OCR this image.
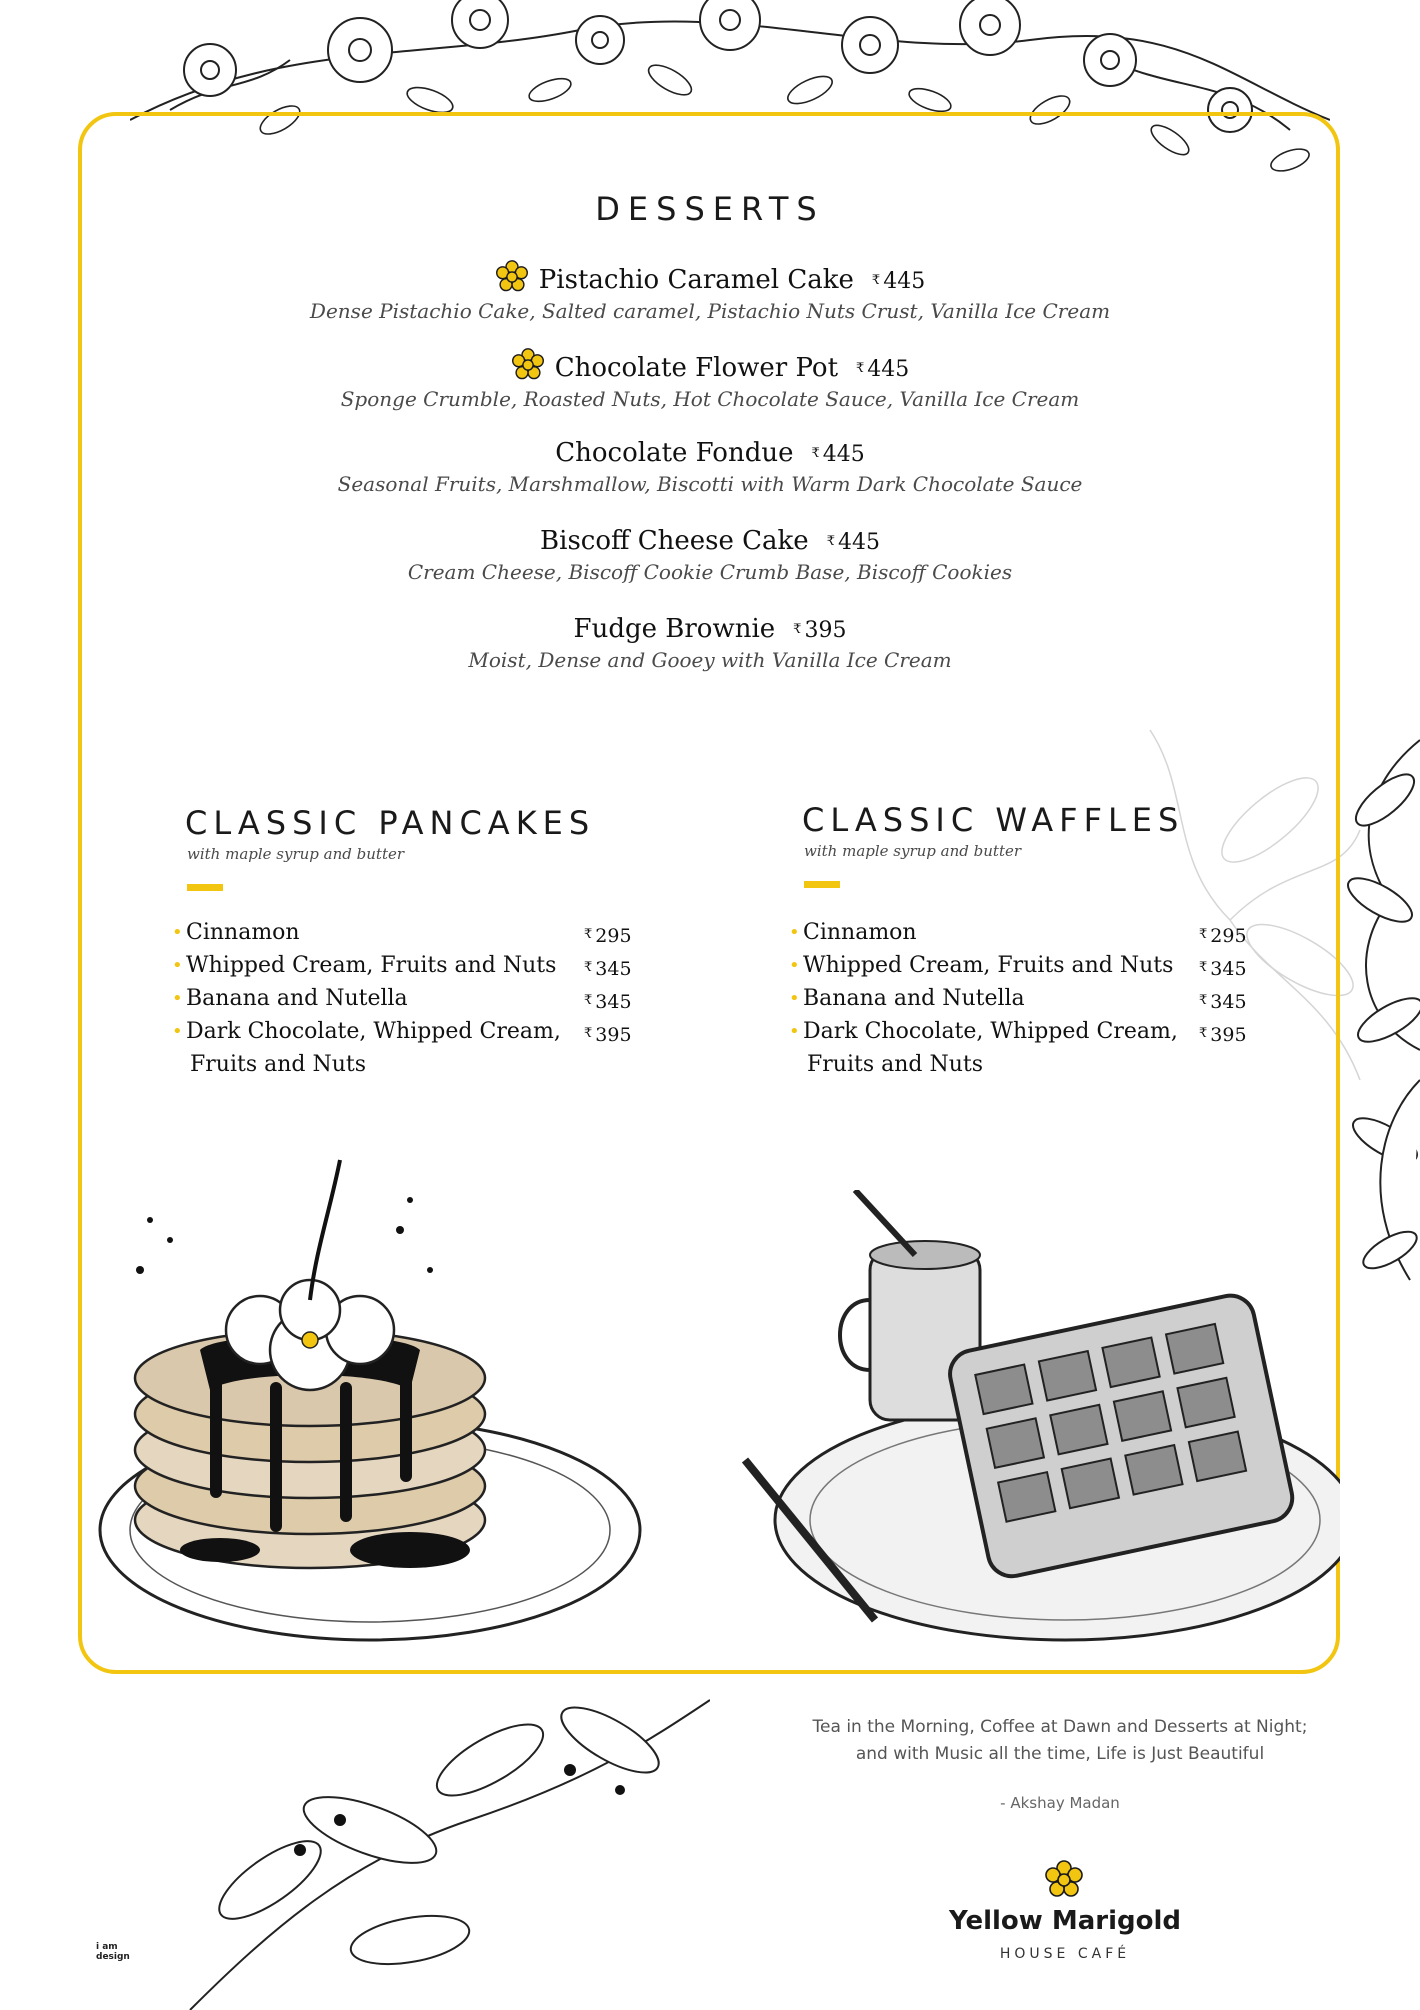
DESSERTS
Pistachio Caramel Cake ₹ 445
Dense Pistachio Cake, Salted caramel, Pistachio Nuts Crust, Vanilla Ice Cream
Chocolate Flower Pot ₹ 445
Sponge Crumble, Roasted Nuts, Hot Chocolate Sauce, Vanilla Ice Cream
Chocolate Fondue ₹ 445
Seasonal Fruits, Marshmallow, Biscotti with Warm Dark Chocolate Sauce
Biscoff Cheese Cake ₹ 445
Cream Cheese, Biscoff Cookie Crumb Base, Biscoff Cookies
Fudge Brownie ₹ 395
Moist, Dense and Gooey with Vanilla Ice Cream
CLASSIC PANCAKES
with maple syrup and butter
• Cinnamon	₹ 295
• Whipped Cream, Fruits and Nuts ₹ 345
• Banana and Nutella	₹ 345
• Dark Chocolate, Whipped Cream, ₹ 395
Fruits and Nuts
CLASSIC WAFFLES
with maple syrup and butter
• Cinnamon	₹ 295
• Whipped Cream, Fruits and Nuts ₹ 345
• Banana and Nutella	₹ 345
• Dark Chocolate, Whipped Cream, ₹ 395
Fruits and Nuts
Tea in the Morning, Coffee at Dawn and Desserts at Night;
and with Music all the time, Life is Just Beautiful
- Akshay Madan
Yellow Marigold
HOUSE CAFÉ
i am design
